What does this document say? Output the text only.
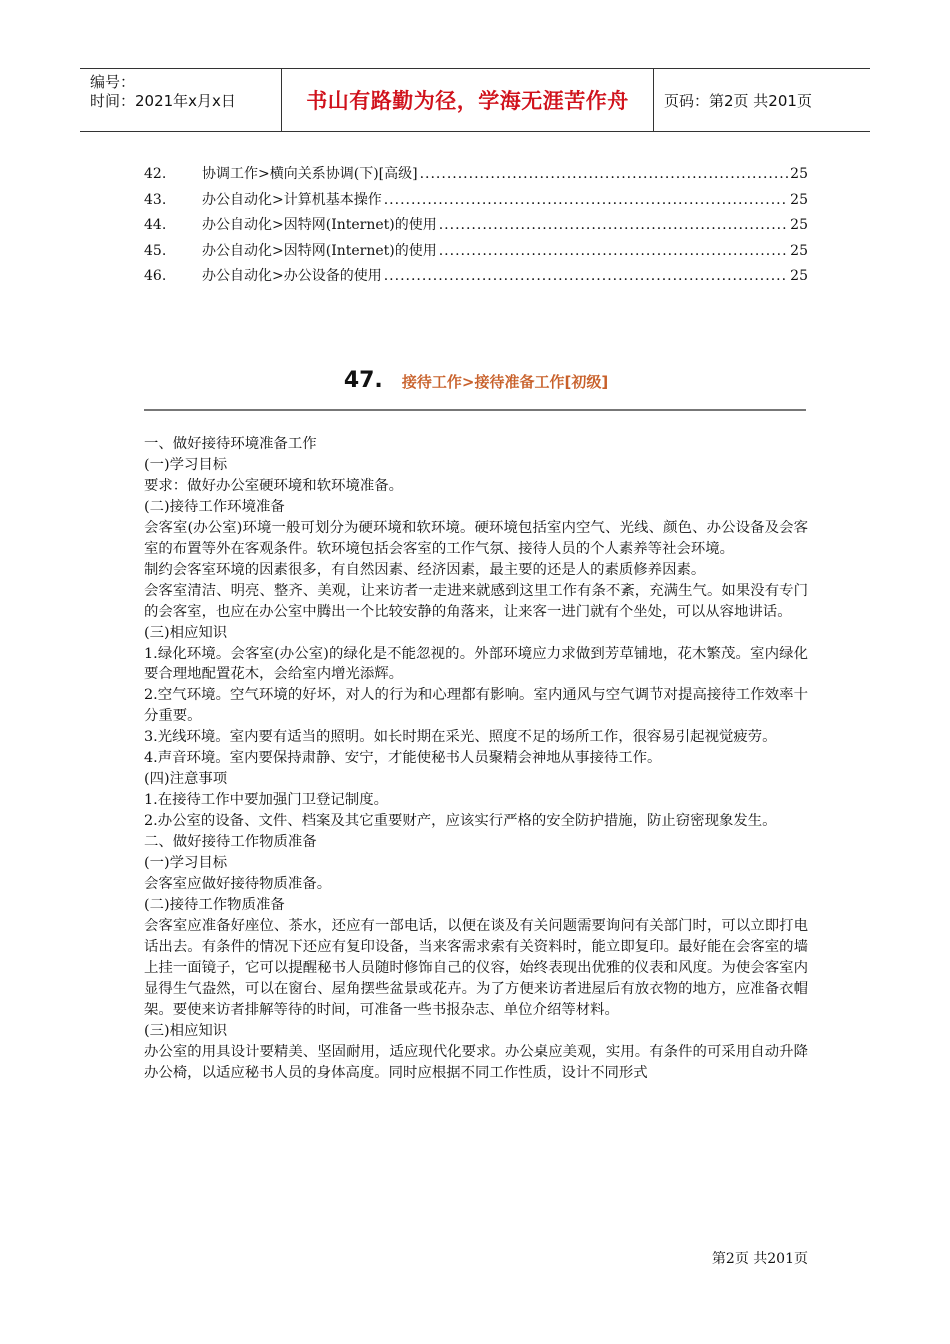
编号：
时间：2021年x月x日	书山有路勤为径，学海无涯苦作舟	页码：第2页 共201页
42.	协调工作>横向关系协调(下)[高级] .....	25
43.	办公自动化>计算机基本操作 .....	25
44.	办公自动化>因特网(Internet)的使用 .....	25
45.	办公自动化>因特网(Internet)的使用 .....	25
46.	办公自动化>办公设备的使用 .....	25
47. 接待工作>接待准备工作[初级]

一、做好接待环境准备工作

(一)学习目标

要求：做好办公室硬环境和软环境准备。

(二)接待工作环境准备

会客室(办公室)环境一般可划分为硬环境和软环境。硬环境包括室内空气、光线、颜色、办公设备及会客室的布置等外在客观条件。软环境包括会客室的工作气氛、接待人员的个人素养等社会环境。

制约会客室环境的因素很多，有自然因素、经济因素，最主要的还是人的素质修养因素。

会客室清洁、明亮、整齐、美观，让来访者一走进来就感到这里工作有条不紊，充满生气。如果没有专门的会客室，也应在办公室中腾出一个比较安静的角落来，让来客一进门就有个坐处，可以从容地讲话。

(三)相应知识

1.绿化环境。会客室(办公室)的绿化是不能忽视的。外部环境应力求做到芳草铺地，花木繁茂。室内绿化要合理地配置花木，会给室内增光添辉。

2.空气环境。空气环境的好坏，对人的行为和心理都有影响。室内通风与空气调节对提高接待工作效率十分重要。

3.光线环境。室内要有适当的照明。如长时期在采光、照度不足的场所工作，很容易引起视觉疲劳。

4.声音环境。室内要保持肃静、安宁，才能使秘书人员聚精会神地从事接待工作。

(四)注意事项

1.在接待工作中要加强门卫登记制度。

2.办公室的设备、文件、档案及其它重要财产，应该实行严格的安全防护措施，防止窃密现象发生。

二、做好接待工作物质准备

(一)学习目标

会客室应做好接待物质准备。

(二)接待工作物质准备

会客室应准备好座位、茶水，还应有一部电话，以便在谈及有关问题需要询问有关部门时，可以立即打电话出去。有条件的情况下还应有复印设备，当来客需求索有关资料时，能立即复印。最好能在会客室的墙上挂一面镜子，它可以提醒秘书人员随时修饰自己的仪容，始终表现出优雅的仪表和风度。为使会客室内显得生气盎然，可以在窗台、屋角摆些盆景或花卉。为了方便来访者进屋后有放衣物的地方，应准备衣帽架。要使来访者排解等待的时间，可准备一些书报杂志、单位介绍等材料。

(三)相应知识

办公室的用具设计要精美、坚固耐用，适应现代化要求。办公桌应美观，实用。有条件的可采用自动升降办公椅，以适应秘书人员的身体高度。同时应根据不同工作性质，设计不同形式

第2页 共201页
